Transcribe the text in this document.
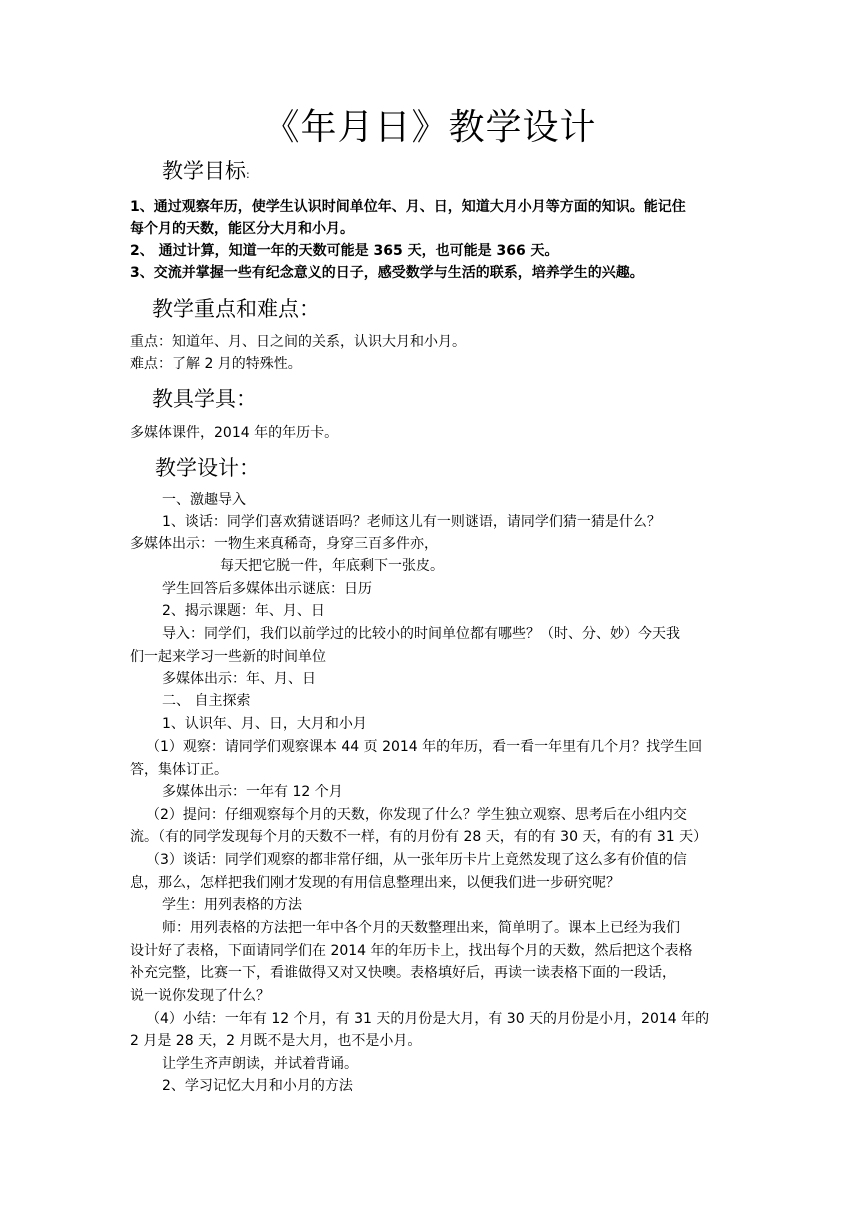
《年月日》教学设计
教学目标:
1、通过观察年历，使学生认识时间单位年、月、日，知道大月小月等方面的知识。能记住
每个月的天数，能区分大月和小月。
2、 通过计算，知道一年的天数可能是 365 天，也可能是 366 天。
3、交流并掌握一些有纪念意义的日子，感受数学与生活的联系，培养学生的兴趣。
教学重点和难点：
重点：知道年、月、日之间的关系，认识大月和小月。
难点：了解 2 月的特殊性。
教具学具：
多媒体课件，2014 年的年历卡。
教学设计：
一、激趣导入
1、谈话：同学们喜欢猜谜语吗？老师这儿有一则谜语，请同学们猜一猜是什么？
多媒体出示：一物生来真稀奇，身穿三百多件亦，
每天把它脱一件，年底剩下一张皮。
学生回答后多媒体出示谜底：日历
2、揭示课题：年、月、日
导入：同学们，我们以前学过的比较小的时间单位都有哪些？（时、分、妙）今天我
们一起来学习一些新的时间单位
多媒体出示：年、月、日
二、 自主探索
1、认识年、月、日，大月和小月
（1）观察：请同学们观察课本 44 页 2014 年的年历，看一看一年里有几个月？找学生回
答，集体订正。
多媒体出示：一年有 12 个月
（2）提问：仔细观察每个月的天数，你发现了什么？学生独立观察、思考后在小组内交
流。（有的同学发现每个月的天数不一样，有的月份有 28 天，有的有 30 天，有的有 31 天）
（3）谈话：同学们观察的都非常仔细，从一张年历卡片上竟然发现了这么多有价值的信
息，那么，怎样把我们刚才发现的有用信息整理出来，以便我们进一步研究呢？
学生：用列表格的方法
师：用列表格的方法把一年中各个月的天数整理出来，简单明了。课本上已经为我们
设计好了表格，下面请同学们在 2014 年的年历卡上，找出每个月的天数，然后把这个表格
补充完整，比赛一下，看谁做得又对又快噢。表格填好后，再读一读表格下面的一段话，
说一说你发现了什么？
（4）小结：一年有 12 个月，有 31 天的月份是大月，有 30 天的月份是小月，2014 年的
2 月是 28 天，2 月既不是大月，也不是小月。
让学生齐声朗读，并试着背诵。
2、学习记忆大月和小月的方法
